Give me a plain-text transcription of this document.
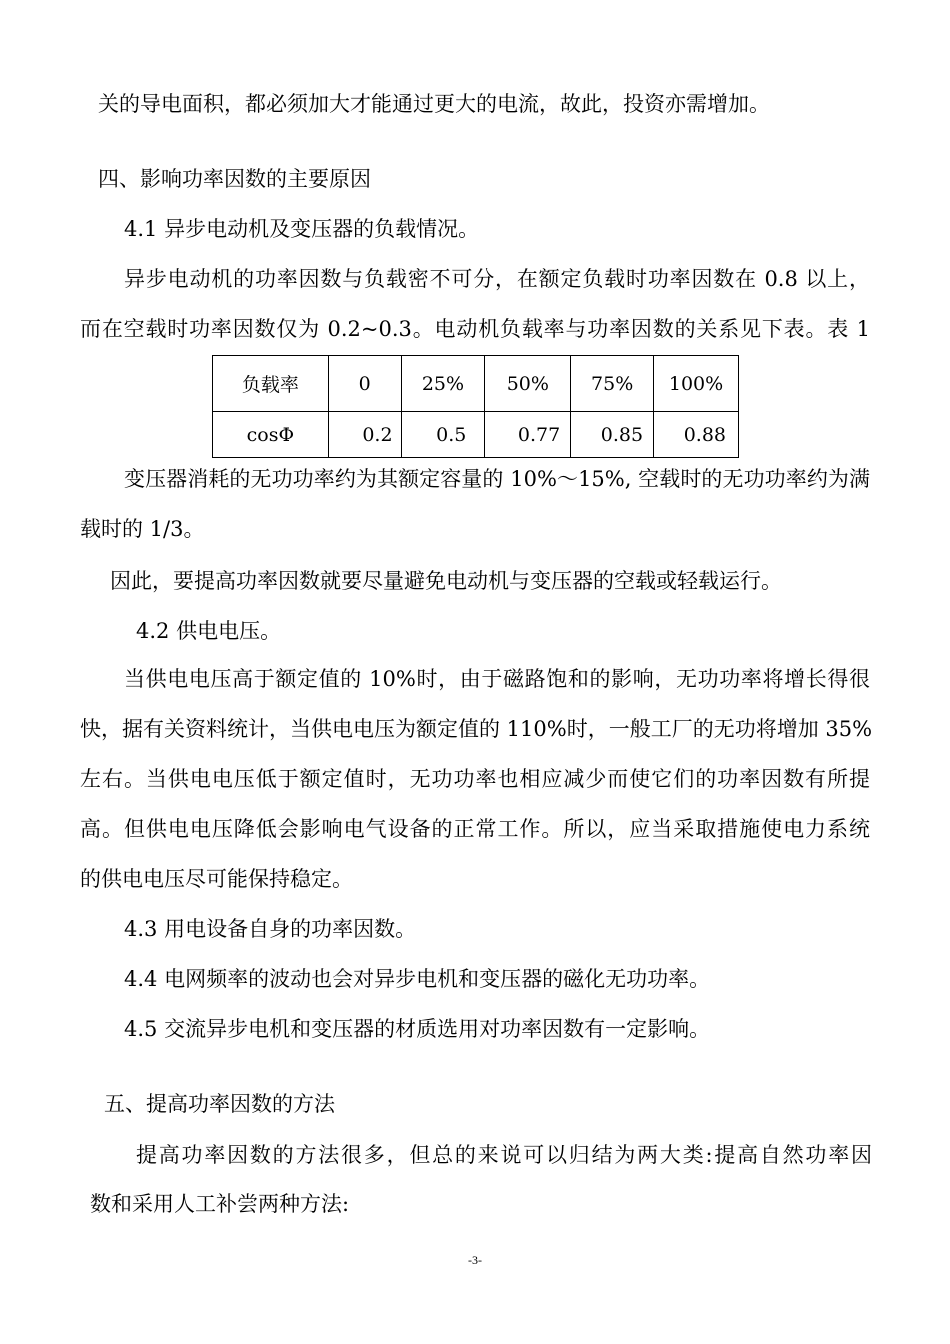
关的导电面积，都必须加大才能通过更大的电流，故此，投资亦需增加。
四、影响功率因数的主要原因
4.1 异步电动机及变压器的负载情况。
异步电动机的功率因数与负载密不可分，在额定负载时功率因数在 0.8 以上，
而在空载时功率因数仅为 0.2~0.3。电动机负载率与功率因数的关系见下表。表 1
负载率	0	25%	50%	75%	100%
cosΦ	0.2	0.5	0.77	0.85	0.88
变压器消耗的无功功率约为其额定容量的 10%～15%, 空载时的无功功率约为满
载时的 1/3。
因此，要提高功率因数就要尽量避免电动机与变压器的空载或轻载运行。
4.2 供电电压。
当供电电压高于额定值的 10%时，由于磁路饱和的影响，无功功率将增长得很
快，据有关资料统计，当供电电压为额定值的 110%时，一般工厂的无功将增加 35%
左右。当供电电压低于额定值时，无功功率也相应减少而使它们的功率因数有所提
高。但供电电压降低会影响电气设备的正常工作。所以，应当采取措施使电力系统
的供电电压尽可能保持稳定。
4.3 用电设备自身的功率因数。
4.4 电网频率的波动也会对异步电机和变压器的磁化无功功率。
4.5 交流异步电机和变压器的材质选用对功率因数有一定影响。
五、提高功率因数的方法
提高功率因数的方法很多，但总的来说可以归结为两大类:提高自然功率因
数和采用人工补尝两种方法:
-3-
